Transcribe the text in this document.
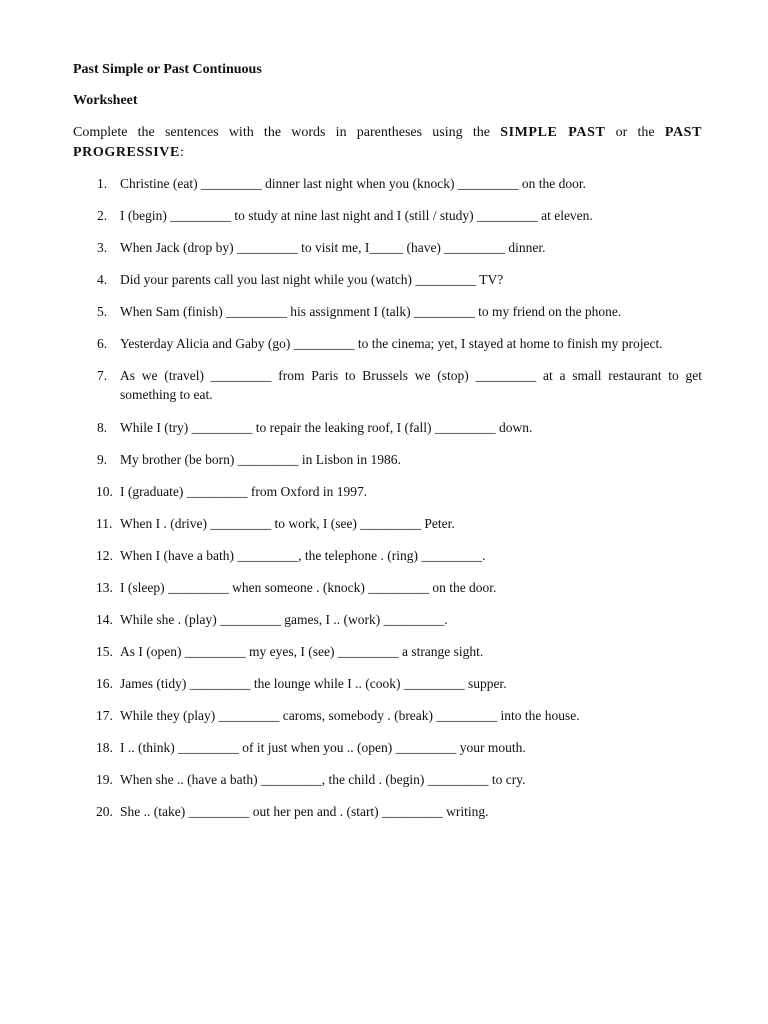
Past Simple or Past Continuous

Worksheet

Complete the sentences with the words in parentheses using the SIMPLE PAST or the PAST PROGRESSIVE:

1. Christine (eat) _________ dinner last night when you (knock) _________ on the door.
2. I (begin) _________ to study at nine last night and I (still / study) _________ at eleven.
3. When Jack (drop by) _________ to visit me, I_____ (have) _________ dinner.
4. Did your parents call you last night while you (watch) _________ TV?
5. When Sam (finish) _________ his assignment I (talk) _________ to my friend on the phone.
6. Yesterday Alicia and Gaby (go) _________ to the cinema; yet, I stayed at home to finish my project.
7. As we (travel) _________ from Paris to Brussels we (stop) _________ at a small restaurant to get something to eat.
8. While I (try) _________ to repair the leaking roof, I (fall) _________ down.
9. My brother (be born) _________ in Lisbon in 1986.
10. I (graduate) _________ from Oxford in 1997.
11. When I . (drive) _________ to work, I (see) _________ Peter.
12. When I (have a bath) _________, the telephone . (ring) _________.
13. I (sleep) _________ when someone . (knock) _________ on the door.
14. While she . (play) _________ games, I .. (work) _________.
15. As I (open) _________ my eyes, I (see) _________ a strange sight.
16. James (tidy) _________ the lounge while I .. (cook) _________ supper.
17. While they (play) _________ caroms, somebody . (break) _________ into the house.
18. I .. (think) _________ of it just when you .. (open) _________ your mouth.
19. When she .. (have a bath) _________, the child . (begin) _________ to cry.
20. She .. (take) _________ out her pen and . (start) _________ writing.
